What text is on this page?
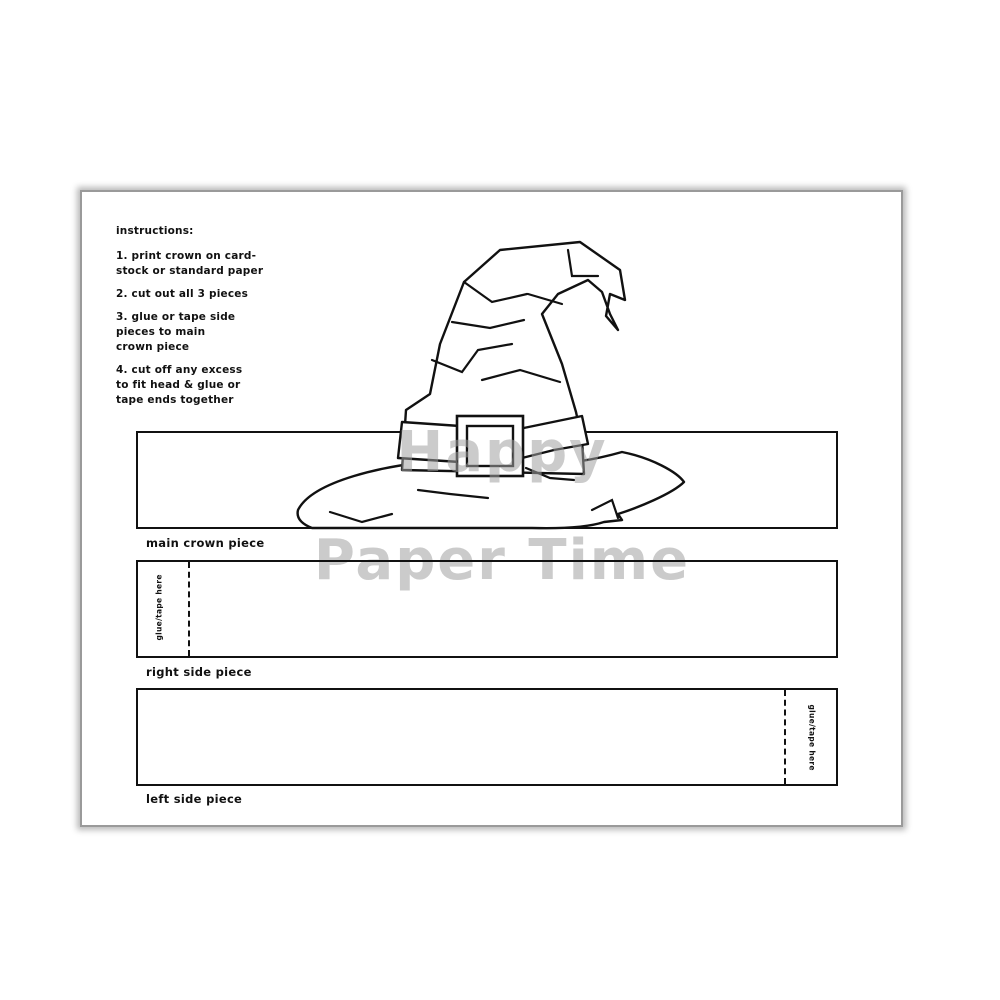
instructions:

1. print crown on card-
stock or standard paper

2. cut out all 3 pieces

3. glue or tape side
pieces to main
crown piece

4. cut off any excess
to fit head & glue or
tape ends together

main crown piece

Happy

Paper Time

glue/tape here
right side piece
glue/tape here
left side piece
